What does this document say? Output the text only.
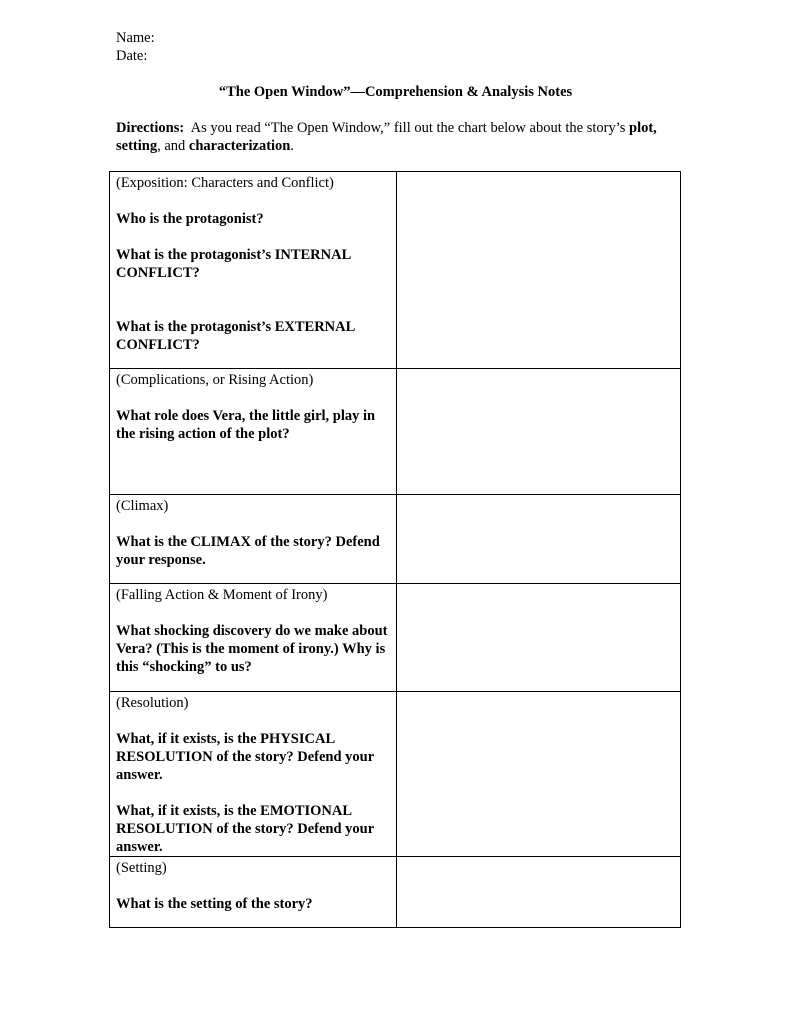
Name:
Date:
“The Open Window”—Comprehension & Analysis Notes
Directions: As you read “The Open Window,” fill out the chart below about the story’s plot, setting, and characterization.
(Exposition: Characters and Conflict)
Who is the protagonist?
What is the protagonist’s INTERNAL CONFLICT?
What is the protagonist’s EXTERNAL CONFLICT?	

(Complications, or Rising Action)
What role does Vera, the little girl, play in the rising action of the plot?	

(Climax)
What is the CLIMAX of the story? Defend your response.	

(Falling Action & Moment of Irony)
What shocking discovery do we make about Vera? (This is the moment of irony.) Why is this “shocking” to us?	

(Resolution)
What, if it exists, is the PHYSICAL RESOLUTION of the story? Defend your answer.
What, if it exists, is the EMOTIONAL RESOLUTION of the story? Defend your answer.	

(Setting)
What is the setting of the story?	
